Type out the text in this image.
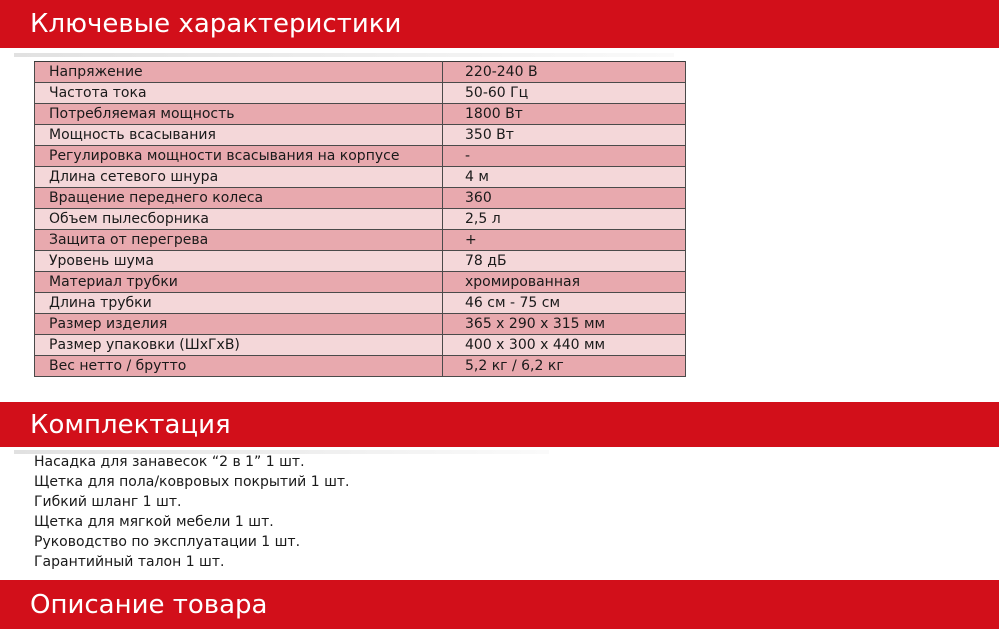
Ключевые характеристики
Напряжение	220-240 В
Частота тока	50-60 Гц
Потребляемая мощность	1800 Вт
Мощность всасывания	350 Вт
Регулировка мощности всасывания на корпусе	-
Длина сетевого шнура	4 м
Вращение переднего колеса	360
Объем пылесборника	2,5 л
Защита от перегрева	+
Уровень шума	78 дБ
Материал трубки	хромированная
Длина трубки	46 см - 75 см
Размер изделия	365 х 290 х 315 мм
Размер упаковки (ШхГхВ)	400 х 300 х 440 мм
Вес нетто / брутто	5,2 кг / 6,2 кг
Комплектация
Насадка для занавесок “2 в 1” 1 шт.
Щетка для пола/ковровых покрытий 1 шт.
Гибкий шланг 1 шт.
Щетка для мягкой мебели 1 шт.
Руководство по эксплуатации 1 шт.
Гарантийный талон 1 шт.
Описание товара
